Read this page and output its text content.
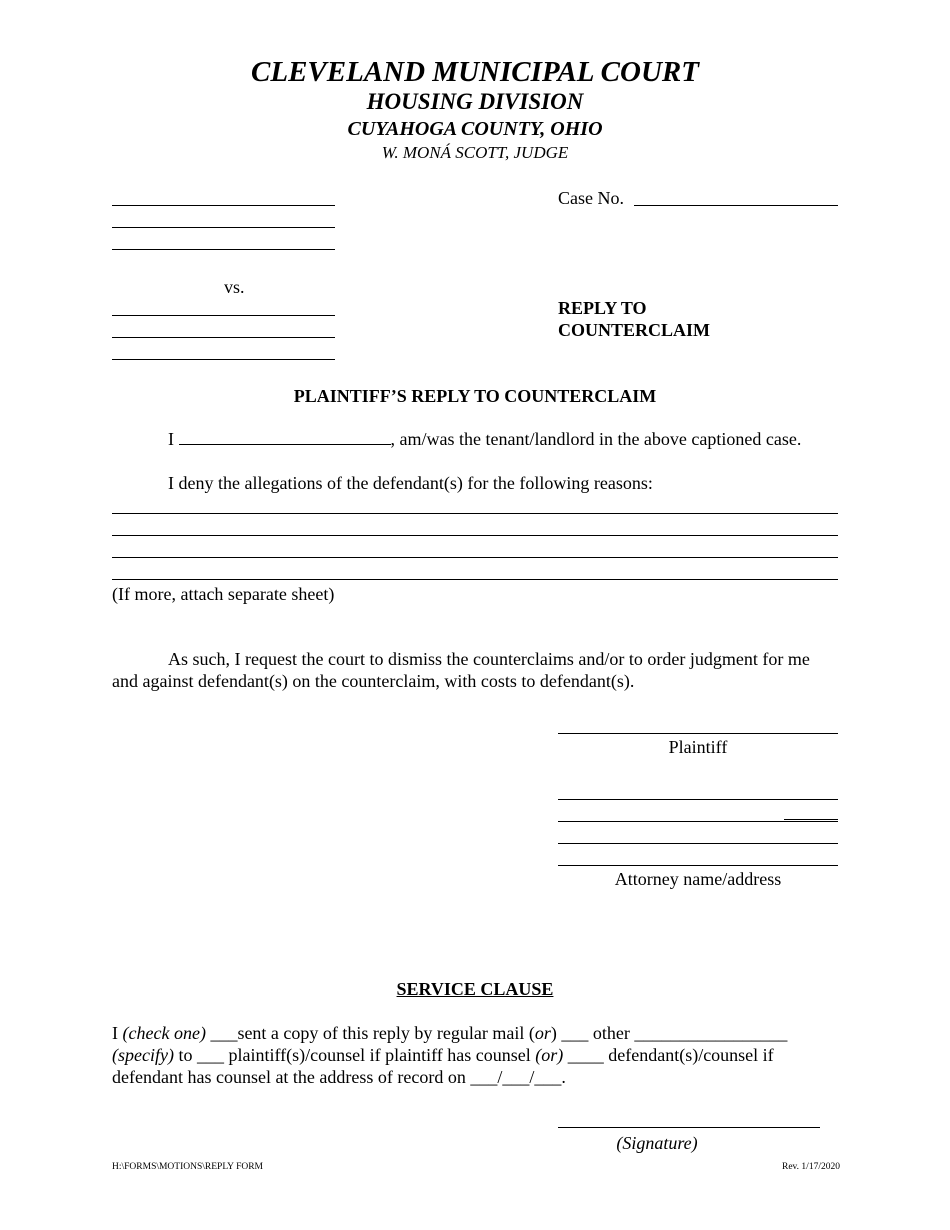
CLEVELAND MUNICIPAL COURT
HOUSING DIVISION
CUYAHOGA COUNTY, OHIO
W. MONÁ SCOTT, JUDGE
vs.
Case No.
REPLY TO
COUNTERCLAIM
PLAINTIFF’S REPLY TO COUNTERCLAIM
I	, am/was the tenant/landlord in the above captioned case.
I deny the allegations of the defendant(s) for the following reasons:
(If more, attach separate sheet)
As such, I request the court to dismiss the counterclaims and/or to order judgment for me
and against defendant(s) on the counterclaim, with costs to defendant(s).
Plaintiff
Attorney name/address
SERVICE CLAUSE
I (check one) ___sent a copy of this reply by regular mail (or) ___ other _________________
(specify) to ___ plaintiff(s)/counsel if plaintiff has counsel (or) ____ defendant(s)/counsel if
defendant has counsel at the address of record on ___/___/___.
(Signature)
H:\FORMS\MOTIONS\REPLY FORM	Rev. 1/17/2020
